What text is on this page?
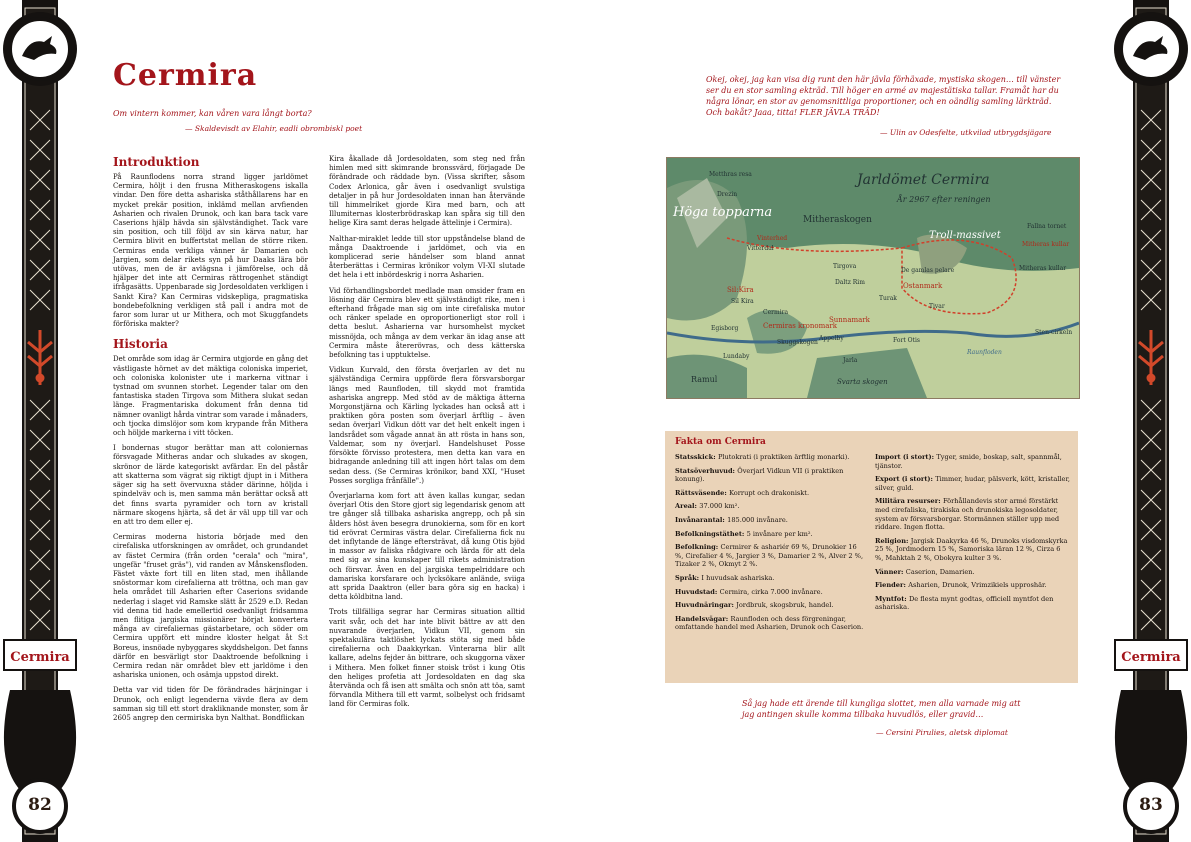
Cermira
82
Cermira
83
Cermira
Om vintern kommer, kan våren vara långt borta?
— Skaldevisdt av Elahir, eadli obrombiskl poet
Introduktion

På Raunflodens norra strand ligger jarldömet Cermira, höljt i den frusna Mitheraskogens iskalla vindar. Den före detta ashariska ståthållarens har en mycket prekär position, inklämd mellan arvfienden Asharien och rivalen Drunok, och kan bara tack vare Caserions hjälp hävda sin självständighet. Tack vare sin position, och till följd av sin kärva natur, har Cermira blivit en buffertstat mellan de större riken. Cermiras enda verkliga vänner är Damarien och Jargien, som delar rikets syn på hur Daaks lära bör utövas, men de är avlägsna i jämförelse, och då hjälper det inte att Cermiras rättrogenhet ständigt ifrågasätts. Uppenbarade sig Jordesoldaten verkligen i Sankt Kira? Kan Cermiras vidskepliga, pragmatiska bondebefolkning verkligen stå pall i andra mot de faror som lurar ut ur Mithera, och mot Skuggfandets förföriska makter?

Historia

Det område som idag är Cermira utgjorde en gång det västligaste hörnet av det mäktiga coloniska imperiet, och coloniska kolonister ute i markerna vittnar i tystnad om svunnen storhet. Legender talar om den fantastiska staden Tirgova som Mithera slukat sedan länge. Fragmentariska dokument från denna tid nämner ovanligt hårda vintrar som varade i månaders, och tjocka dimslöjor som kom krypande från Mithera och höljde markerna i vitt töcken.

I bondernas stugor berättar man att coloniernas försvagade Mitheras andar och slukades av skogen, skrönor de lärde kategoriskt avfärdar. En del påstår att skatterna som vägrat sig riktigt djupt in i Mithera säger sig ha sett övervuxna städer därinne, höljda i spindelväv och is, men samma män berättar också att det finns svarta pyramider och torn av kristall närmare skogens hjärta, så det är väl upp till var och en att tro dem eller ej.

Cermiras moderna historia började med den cirefaliska utforskningen av området, och grundandet av fästet Cermira (från orden "cerala" och "mira", ungefär "fruset gräs"), vid randen av Månskensfloden. Fästet växte fort till en liten stad, men ihållande snöstormar kom cirefalierna att tröttna, och man gav hela området till Asharien efter Caserions svidande nederlag i slaget vid Ramske slätt år 2529 e.D. Redan vid denna tid hade emellertid osedvanligt fridsamma men flitiga jargiska missionärer börjat konvertera många av cirefaliernas gästarbetare, och söder om Cermira uppfört ett mindre kloster helgat åt S:t Boreus, insnöade nybyggares skyddshelgon. Det fanns därför en besvärligt stor Daaktroende befolkning i Cermira redan när området blev ett jarldöme i den ashariska unionen, och osämja uppstod direkt.

Detta var vid tiden för De förändrades härjningar i Drunok, och enligt legenderna vävde flera av dem samman sig till ett stort drakliknande monster, som år 2605 angrep den cermiriska byn Nalthat. Bondflickan

Kira åkallade då Jordesoldaten, som steg ned från himlen med sitt skimrande bronssvärd, förjagade De förändrade och räddade byn. (Vissa skrifter, såsom Codex Arlonica, går även i osedvanligt svulstiga detaljer in på hur Jordesoldaten innan han återvände till himmelriket gjorde Kira med barn, och att Illumiternas klosterbrödraskap kan spåra sig till den helige Kira samt deras helgade ättelinje i Cermira).

Nalthar-miraklet ledde till stor uppståndelse bland de många Daaktroende i jarldömet, och via en komplicerad serie händelser som bland annat återberättas i Cermiras krönikor volym VI-XI slutade det hela i ett inbördeskrig i norra Asharien.

Vid förhandlingsbordet medlade man omsider fram en lösning där Cermira blev ett självständigt rike, men i efterhand frågade man sig om inte cirefaliska mutor och ränker spelade en oproportionerligt stor roll i detta beslut. Asharierna var hursomhelst mycket missnöjda, och många av dem verkar än idag anse att Cermira måste återerövras, och dess kätterska befolkning tas i upptuktelse.

Vidkun Kurvald, den första överjarlen av det nu självständiga Cermira uppförde flera försvarsborgar längs med Raunfloden, till skydd mot framtida ashariska angrepp. Med stöd av de mäktiga ätterna Morgonstjärna och Kärling lyckades han också att i praktiken göra posten som överjarl ärftlig – även sedan överjarl Vidkun dött var det helt enkelt ingen i landsrådet som vågade annat än att rösta in hans son, Valdemar, som ny överjarl. Handelshuset Posse försökte förvisso protestera, men detta kan vara en bidragande anledning till att ingen hört talas om dem sedan dess. (Se Cermiras krönikor, band XXI, "Huset Posses sorgliga frånfälle".)

Överjarlarna kom fort att även kallas kungar, sedan överjarl Otis den Store gjort sig legendarisk genom att tre gånger slå tillbaka ashariska angrepp, och på sin ålders höst även besegra drunokierna, som för en kort tid erövrat Cermiras västra delar. Cirefalierna fick nu det inflytande de länge eftersträvat, då kung Otis bjöd in massor av faliska rådgivare och lärda för att dela med sig av sina kunskaper till rikets administration och försvar. Även en del jargiska tempelriddare och damariska korsfarare och lycksökare anlände, sviiga att sprida Daaktron (eller bara göra sig en hacka) i detta köldbitna land.

Trots tillfälliga segrar har Cermiras situation alltid varit svår, och det har inte blivit bättre av att den nuvarande överjarlen, Vidkun VII, genom sin spektakulära taktlöshet lyckats stöta sig med både cirefalierna och Daakkyrkan. Vinterarna blir allt kallare, adelns fejder än bittrare, och skuggorna växer i Mithera. Men folket finner stoisk tröst i kung Otis den heliges profetia att Jordesoldaten en dag ska återvända och få isen att smälta och snön att töa, samt förvandla Mithera till ett varmt, solbelyst och fridsamt land för Cermiras folk.

Okej, okej, jag kan visa dig runt den här jävla förhäxade, mystiska skogen… till vänster ser du en stor samling ekträd. Till höger en armé av majestätiska tallar. Framåt har du några lönar, en stor av genomsnittliga proportioner, och en oändlig samling lärkträd. Och bakåt? Jaaa, titta! FLER JÄVLA TRÄD!
— Ulin av Odesfelte, utkvilad utbrygdsjägare
Jarldömet Cermira
År 2967 efter reningen
Höga topparna
Metthras resa
Drezin
Vitterdal
Sil:Kira
Sil Kira
Mitheraskogen
Troll-massivet
Fallna tornet
Mitheras kullar
Mitheras kullar
Tirgova
Daltz Rim
De gamlas pelare
Turak
Tivar
Cermira
Cermiras kronomark
Sunnamark
Ostanmark
Skuggskogen
Egisborg
Appelby	Fort Otis
Sten-cirkeln
Lundaby
Ramul
Jarla
Svarta skogen
Raunfloden
Vinterhed
Fakta om Cermira

Statsskick: Plutokrati (i praktiken ärftlig monarki).

Statsöverhuvud: Överjarl Vidkun VII (i praktiken konung).

Rättsväsende: Korrupt och drakoniskt.

Areal: 37.000 km².

Invånarantal: 185.000 invånare.

Befolkningstäthet: 5 invånare per km².

Befolkning: Cermirer & ashariér 69 %, Drunokier 16 %, Cirefalier 4 %, Jargier 3 %, Damarier 2 %, Alver 2 %, Tizaker 2 %, Okmyt 2 %.

Språk: I huvudsak ashariska.

Huvudstad: Cermira, cirka 7.000 invånare.

Huvudnäringar: Jordbruk, skogsbruk, handel.

Handelsvägar: Raunfloden och dess förgreningar, omfattande handel med Asharien, Drunok och Caserion.

Import (i stort): Tyger, smide, boskap, salt, spannmål, tjänstor.

Export (i stort): Timmer, hudar, pälsverk, kött, kristaller, silver, guld.

Militära resurser: Förhållandevis stor armé förstärkt med cirefaliska, tirakiska och drunokiska legosoldater, system av försvarsborgar. Stormännen ställer upp med riddare. Ingen flotta.

Religion: Jargisk Daakyrka 46 %, Drunoks visdomskyrka 25 %, Jordmodern 15 %, Samoriska läran 12 %, Cirza 6 %, Mahktah 2 %, Obokyra kulter 3 %.

Vänner: Caserion, Damarien.

Fiender: Asharien, Drunok, Vrimzikiels upproshär.

Myntfot: De flesta mynt godtas, officiell myntfot den ashariska.

Så jag hade ett ärende till kungliga slottet, men alla varnade mig att jag antingen skulle komma tillbaka huvudlös, eller gravid…
— Cersini Pirulies, aletsk diplomat
